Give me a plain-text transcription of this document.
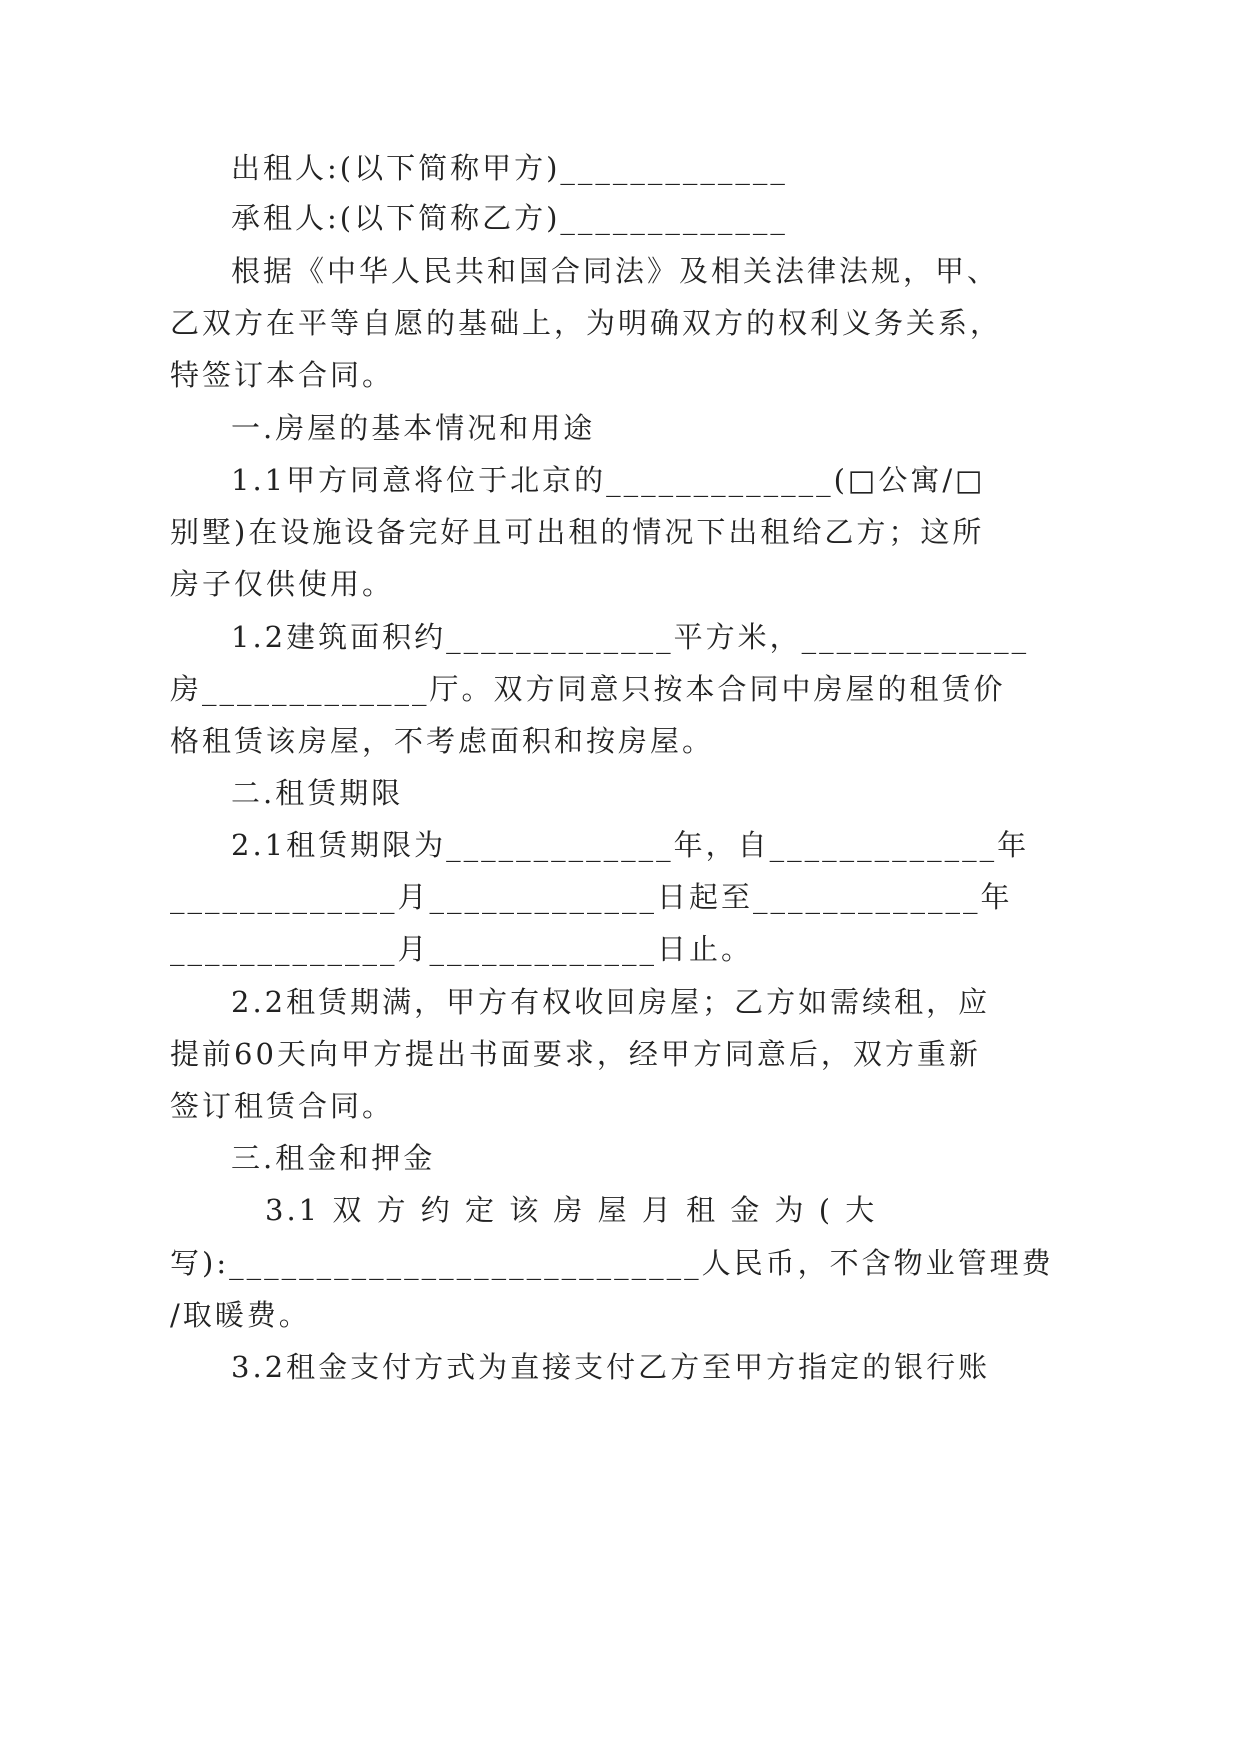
出租人:(以下简称甲方)_____________
承租人:(以下简称乙方)_____________
根据《中华人民共和国合同法》及相关法律法规，甲、
乙双方在平等自愿的基础上，为明确双方的权利义务关系，
特签订本合同。
一.房屋的基本情况和用途
1.1甲方同意将位于北京的_____________(□公寓/□
别墅)在设施设备完好且可出租的情况下出租给乙方；这所
房子仅供使用。
1.2建筑面积约_____________平方米，_____________
房_____________厅。双方同意只按本合同中房屋的租赁价
格租赁该房屋，不考虑面积和按房屋。
二.租赁期限
2.1租赁期限为_____________年，自_____________年
_____________月_____________日起至_____________年
_____________月_____________日止。
2.2租赁期满，甲方有权收回房屋；乙方如需续租，应
提前60天向甲方提出书面要求，经甲方同意后，双方重新
签订租赁合同。
三.租金和押金
3.1 双 方 约 定 该 房 屋 月 租 金 为 ( 大
写):___________________________人民币，不含物业管理费
/取暖费。
3.2租金支付方式为直接支付乙方至甲方指定的银行账
